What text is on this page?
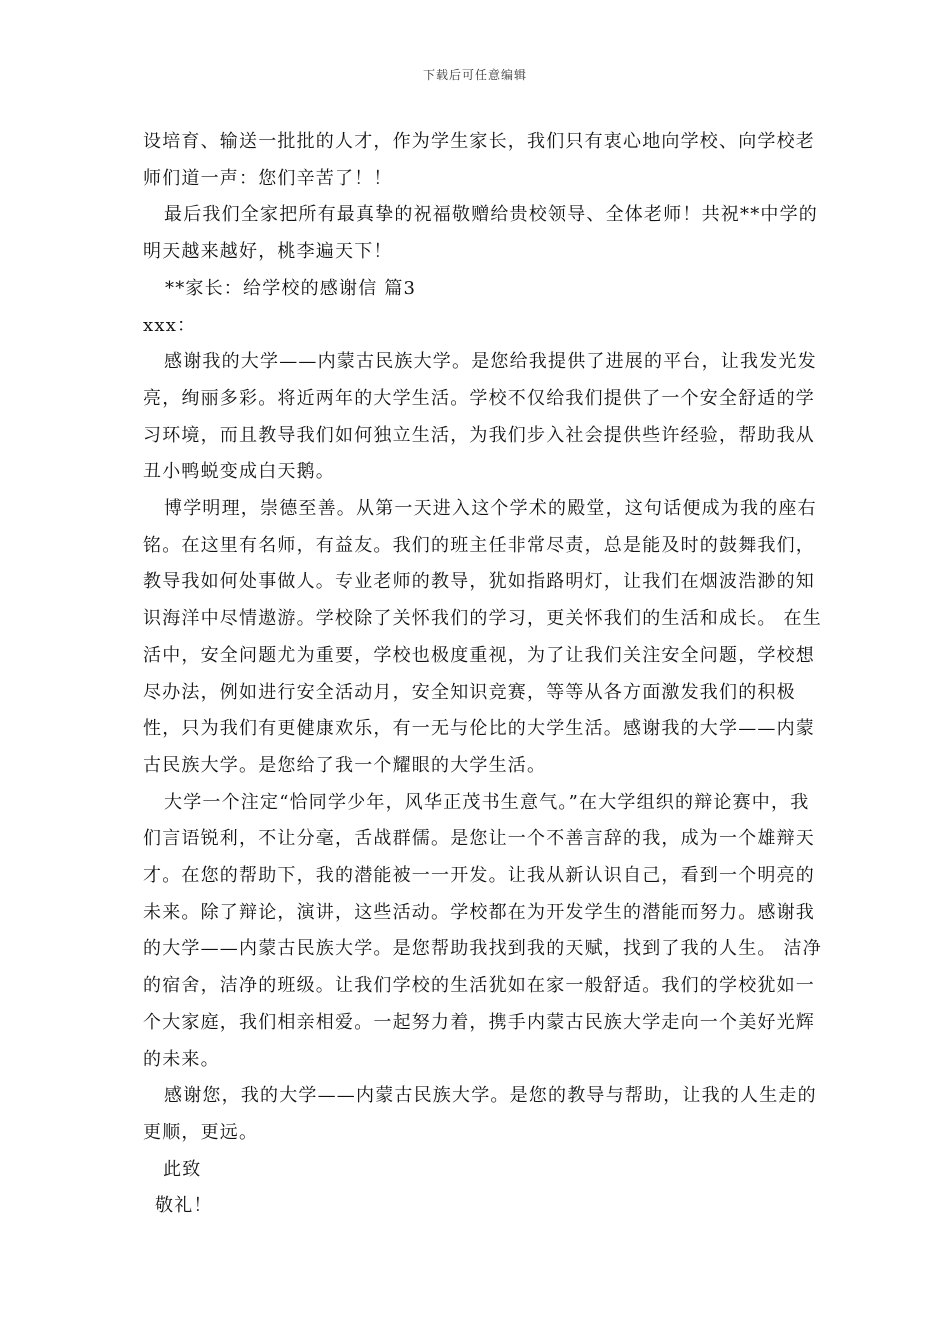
下载后可任意编辑

设培育、输送一批批的人才，作为学生家长，我们只有衷心地向学校、向学校老师们道一声：您们辛苦了！！

最后我们全家把所有最真挚的祝福敬赠给贵校领导、全体老师！共祝**中学的明天越来越好，桃李遍天下！

**家长：给学校的感谢信 篇3

xxx：

感谢我的大学——内蒙古民族大学。是您给我提供了进展的平台，让我发光发亮，绚丽多彩。将近两年的大学生活。学校不仅给我们提供了一个安全舒适的学习环境，而且教导我们如何独立生活，为我们步入社会提供些许经验，帮助我从丑小鸭蜕变成白天鹅。

博学明理，崇德至善。从第一天进入这个学术的殿堂，这句话便成为我的座右铭。在这里有名师，有益友。我们的班主任非常尽责，总是能及时的鼓舞我们，教导我如何处事做人。专业老师的教导，犹如指路明灯，让我们在烟波浩渺的知识海洋中尽情遨游。学校除了关怀我们的学习，更关怀我们的生活和成长。 在生活中，安全问题尤为重要，学校也极度重视，为了让我们关注安全问题，学校想尽办法，例如进行安全活动月，安全知识竞赛，等等从各方面激发我们的积极性，只为我们有更健康欢乐，有一无与伦比的大学生活。感谢我的大学——内蒙古民族大学。是您给了我一个耀眼的大学生活。

大学一个注定“恰同学少年，风华正茂书生意气。”在大学组织的辩论赛中，我们言语锐利，不让分毫，舌战群儒。是您让一个不善言辞的我，成为一个雄辩天才。在您的帮助下，我的潜能被一一开发。让我从新认识自己，看到一个明亮的未来。除了辩论，演讲，这些活动。学校都在为开发学生的潜能而努力。感谢我的大学——内蒙古民族大学。是您帮助我找到我的天赋，找到了我的人生。 洁净的宿舍，洁净的班级。让我们学校的生活犹如在家一般舒适。我们的学校犹如一个大家庭，我们相亲相爱。一起努力着，携手内蒙古民族大学走向一个美好光辉的未来。

感谢您，我的大学——内蒙古民族大学。是您的教导与帮助，让我的人生走的更顺，更远。

此致

敬礼！
